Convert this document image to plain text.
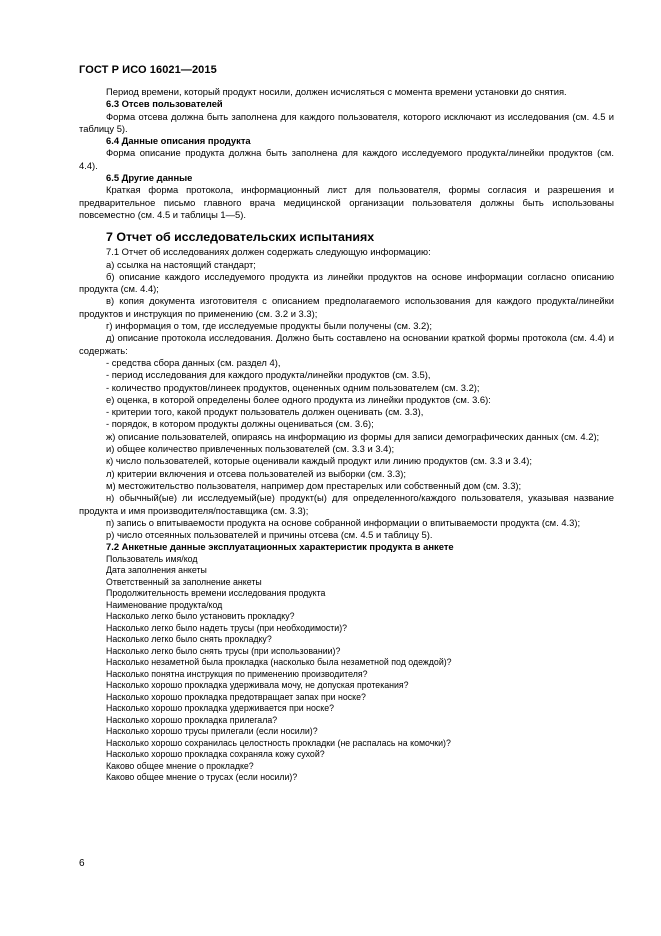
ГОСТ Р ИСО 16021—2015

Период времени, который продукт носили, должен исчисляться с момента времени установки до снятия.

6.3 Отсев пользователей

Форма отсева должна быть заполнена для каждого пользователя, которого исключают из исследования (см. 4.5 и таблицу 5).

6.4 Данные описания продукта

Форма описание продукта должна быть заполнена для каждого исследуемого продукта/линейки продуктов (см. 4.4).

6.5 Другие данные

Краткая форма протокола, информационный лист для пользователя, формы согласия и разрешения и предварительное письмо главного врача медицинской организации пользователя должны быть использованы повсеместно (см. 4.5 и таблицы 1—5).

7 Отчет об исследовательских испытаниях

7.1 Отчет об исследованиях должен содержать следующую информацию:

а) ссылка на настоящий стандарт;

б) описание каждого исследуемого продукта из линейки продуктов на основе информации согласно описанию продукта (см. 4.4);

в) копия документа изготовителя с описанием предполагаемого использования для каждого продукта/линейки продуктов и инструкция по применению (см. 3.2 и 3.3);

г) информация о том, где исследуемые продукты были получены (см. 3.2);

д) описание протокола исследования. Должно быть составлено на основании краткой формы протокола (см. 4.4) и содержать:

- средства сбора данных (см. раздел 4),
- период исследования для каждого продукта/линейки продуктов (см. 3.5),
- количество продуктов/линеек продуктов, оцененных одним пользователем (см. 3.2);

е) оценка, в которой определены более одного продукта из линейки продуктов (см. 3.6):

- критерии того, какой продукт пользователь должен оценивать (см. 3.3),
- порядок, в котором продукты должны оцениваться (см. 3.6);

ж) описание пользователей, опираясь на информацию из формы для записи демографических данных (см. 4.2);

и) общее количество привлеченных пользователей (см. 3.3 и 3.4);

к) число пользователей, которые оценивали каждый продукт или линию продуктов (см. 3.3 и 3.4);

л) критерии включения и отсева пользователей из выборки (см. 3.3);

м) местожительство пользователя, например дом престарелых или собственный дом (см. 3.3);

н) обычный(ые) ли исследуемый(ые) продукт(ы) для определенного/каждого пользователя, указывая название продукта и имя производителя/поставщика (см. 3.3);

п) запись о впитываемости продукта на основе собранной информации о впитываемости продукта (см. 4.3);

р) число отсеянных пользователей и причины отсева (см. 4.5 и таблицу 5).

7.2 Анкетные данные эксплуатационных характеристик продукта в анкете
Пользователь имя/код
Дата заполнения анкеты
Ответственный за заполнение анкеты
Продолжительность времени исследования продукта
Наименование продукта/код
Насколько легко было установить прокладку?
Насколько легко было надеть трусы (при необходимости)?
Насколько легко было снять прокладку?
Насколько легко было снять трусы (при использовании)?
Насколько незаметной была прокладка (насколько была незаметной под одеждой)?
Насколько понятна инструкция по применению производителя?
Насколько хорошо прокладка удерживала мочу, не допуская протекания?
Насколько хорошо прокладка предотвращает запах при носке?
Насколько хорошо прокладка удерживается при носке?
Насколько хорошо прокладка прилегала?
Насколько хорошо трусы прилегали (если носили)?
Насколько хорошо сохранилась целостность прокладки (не распалась на комочки)?
Насколько хорошо прокладка сохраняла кожу сухой?
Каково общее мнение о прокладке?
Каково общее мнение о трусах (если носили)?
6
